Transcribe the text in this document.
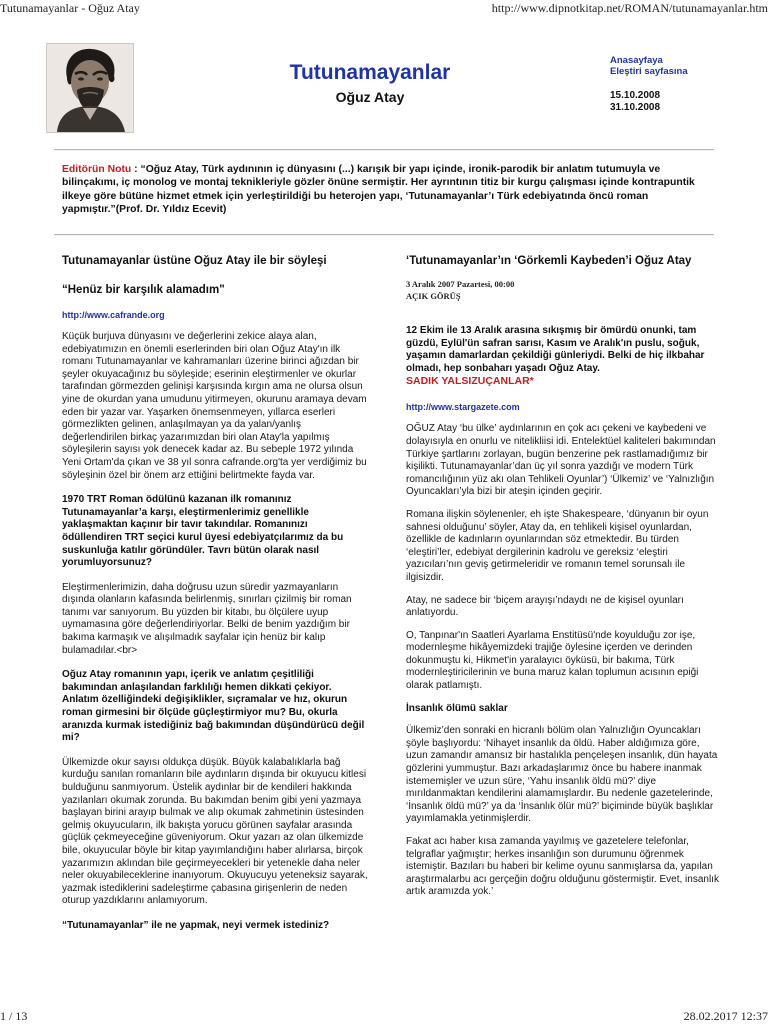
Tutunamayanlar - Oğuz Atay	http://www.dipnotkitap.net/ROMAN/tutunamayanlar.htm
Tutunamayanlar
Oğuz Atay
Anasayfaya
Eleştiri sayfasına
15.10.2008
31.10.2008
Editörün Notu : “Oğuz Atay, Türk aydınının iç dünyasını (...) karışık bir yapı içinde, ironik-parodik bir anlatım tutumuyla ve bilinçakımı, iç monolog ve montaj teknikleriyle gözler önüne sermiştir. Her ayrıntının titiz bir kurgu çalışması içinde kontrapuntik ilkeye göre bütüne hizmet etmek için yerleştirildiği bu heterojen yapı, ‘Tutunamayanlar’ı Türk edebiyatında öncü roman yapmıştır.”(Prof. Dr. Yıldız Ecevit)
Tutunamayanlar üstüne Oğuz Atay ile bir söyleşi
“Henüz bir karşılık alamadım"
http://www.cafrande.org

Küçük burjuva dünyasını ve değerlerini zekice alaya alan, edebiyatımızın en önemli eserlerinden biri olan Oğuz Atay'ın ilk romanı Tutunamayanlar ve kahramanları üzerine birinci ağızdan bir şeyler okuyacağınız bu söyleşide; eserinin eleştirmenler ve okurlar tarafından görmezden gelinişi karşısında kırgın ama ne olursa olsun yine de okurdan yana umudunu yitirmeyen, okurunu aramaya devam eden bir yazar var. Yaşarken önemsenmeyen, yıllarca eserleri görmezlikten gelinen, anlaşılmayan ya da yalan/yanlış değerlendirilen birkaç yazarımızdan biri olan Atay'la yapılmış söyleşilerin sayısı yok denecek kadar az. Bu sebeple 1972 yılında Yeni Ortam'da çıkan ve 38 yıl sonra cafrande.org'ta yer verdiğimiz bu söyleşinin özel bir önem arz ettiğini belirtmekte fayda var.

1970 TRT Roman ödülünü kazanan ilk romanınız Tutunamayanlar’a karşı, eleştirmenlerimiz genellikle yaklaşmaktan kaçınır bir tavır takındılar. Romanınızı ödüllendiren TRT seçici kurul üyesi edebiyatçılarımız da bu suskunluğa katılır göründüler. Tavrı bütün olarak nasıl yorumluyorsunuz?

Eleştirmenlerimizin, daha doğrusu uzun süredir yazmayanların dışında olanların kafasında belirlenmiş, sınırları çizilmiş bir roman tanımı var sanıyorum. Bu yüzden bir kitabı, bu ölçülere uyup uymamasına göre değerlendiriyorlar. Belki de benim yazdığım bir bakıma karmaşık ve alışılmadık sayfalar için henüz bir kalıp bulamadılar.<br>

Oğuz Atay romanının yapı, içerik ve anlatım çeşitliliği bakımından anlaşılandan farklılığı hemen dikkati çekiyor. Anlatım özelliğindeki değişiklikler, sıçramalar ve hız, okurun roman girmesini bir ölçüde güçleştirmiyor mu? Bu, okurla aranızda kurmak istediğiniz bağ bakımından düşündürücü değil mi?

Ülkemizde okur sayısı oldukça düşük. Büyük kalabalıklarla bağ kurduğu sanılan romanların bile aydınların dışında bir okuyucu kitlesi bulduğunu sanmıyorum. Üstelik aydınlar bir de kendileri hakkında yazılanları okumak zorunda. Bu bakımdan benim gibi yeni yazmaya başlayan birini arayıp bulmak ve alıp okumak zahmetinin üstesinden gelmiş okuyucuların, ilk bakışta yorucu görünen sayfalar arasında güçlük çekmeyeceğine güveniyorum. Okur yazarı az olan ülkemizde bile, okuyucular böyle bir kitap yayımlandığını haber alırlarsa, birçok yazarımızın aklından bile geçirmeyecekleri bir yetenekle daha neler neler okuyabileceklerine inanıyorum. Okuyucuyu yeteneksiz sayarak, yazmak istediklerini sadeleştirme çabasına girişenlerin de neden oturup yazdıklarını anlamıyorum.

“Tutunamayanlar” ile ne yapmak, neyi vermek istediniz?

‘Tutunamayanlar’ın ‘Görkemli Kaybeden’i Oğuz Atay
3 Aralık 2007 Pazartesi, 00:00
AÇIK GÖRÜŞ

12 Ekim ile 13 Aralık arasına sıkışmış bir ömürdü onunki, tam güzdü, Eylül'ün safran sarısı, Kasım ve Aralık'ın puslu, soğuk, yaşamın damarlardan çekildiği günleriydi. Belki de hiç ilkbahar olmadı, hep sonbaharı yaşadı Oğuz Atay.

SADIK YALSIZUÇANLAR*
http://www.stargazete.com

OĞUZ Atay ‘bu ülke’ aydınlarının en çok acı çekeni ve kaybedeni ve dolayısıyla en onurlu ve nitelikliisi idi. Entelektüel kaliteleri bakımından Türkiye şartlarını zorlayan, bugün benzerine pek rastlamadığımız bir kişilikti. Tutunamayanlar’dan üç yıl sonra yazdığı ve modern Türk romancılığının yüz akı olan Tehlikeli Oyunlar’) ‘Ülkemiz’ ve ‘Yalnızlığın Oyuncakları’yla bizi bir ateşin içinden geçirir.

Romana ilişkin söylenenler, eh işte Shakespeare, ‘dünyanın bir oyun sahnesi olduğunu’ söyler, Atay da, en tehlikeli kişisel oyunlardan, özellikle de kadınların oyunlarından söz etmektedir. Bu türden ‘eleştiri’ler, edebiyat dergilerinin kadrolu ve gereksiz ‘eleştiri yazıcıları’nın geviş getirmeleridir ve romanın temel sorunsalı ile ilgisizdir.

Atay, ne sadece bir ‘biçem arayışı’ndaydı ne de kişisel oyunları anlatıyordu.

O, Tanpınar'ın Saatleri Ayarlama Enstitüsü'nde koyulduğu zor işe, modernleşme hikâyemizdeki trajiğe öylesine içerden ve derinden dokunmuştu ki, Hikmet'in yaralayıcı öyküsü, bir bakıma, Türk modernleştiricilerinin ve buna maruz kalan toplumun acısının epiği olarak patlamıştı.

İnsanlık ölümü saklar

Ülkemiz’den sonraki en hicranlı bölüm olan Yalnızlığın Oyuncakları şöyle başlıyordu: ‘Nihayet insanlık da öldü. Haber aldığımıza göre, uzun zamandır amansız bir hastalıkla pençeleşen insanlık, dün hayata gözlerini yummuştur. Bazı arkadaşlarımız önce bu habere inanmak istememişler ve uzun süre, ‘Yahu insanlık öldü mü?’ diye mırıldanmaktan kendilerini alamamışlardır. Bu nedenle gazetelerinde, ‘İnsanlık öldü mü?’ ya da ‘İnsanlık ölür mü?’ biçiminde büyük başlıklar yayımlamakla yetinmişlerdir.

Fakat acı haber kısa zamanda yayılmış ve gazetelere telefonlar, telgraflar yağmıştır; herkes insanlığın son durumunu öğrenmek istemiştir. Bazıları bu haberi bir kelime oyunu sanmışlarsa da, yapılan araştırmalarbu acı gerçeğin doğru olduğunu göstermiştir. Evet, insanlık artık aramızda yok.’

1 / 13	28.02.2017 12:37
